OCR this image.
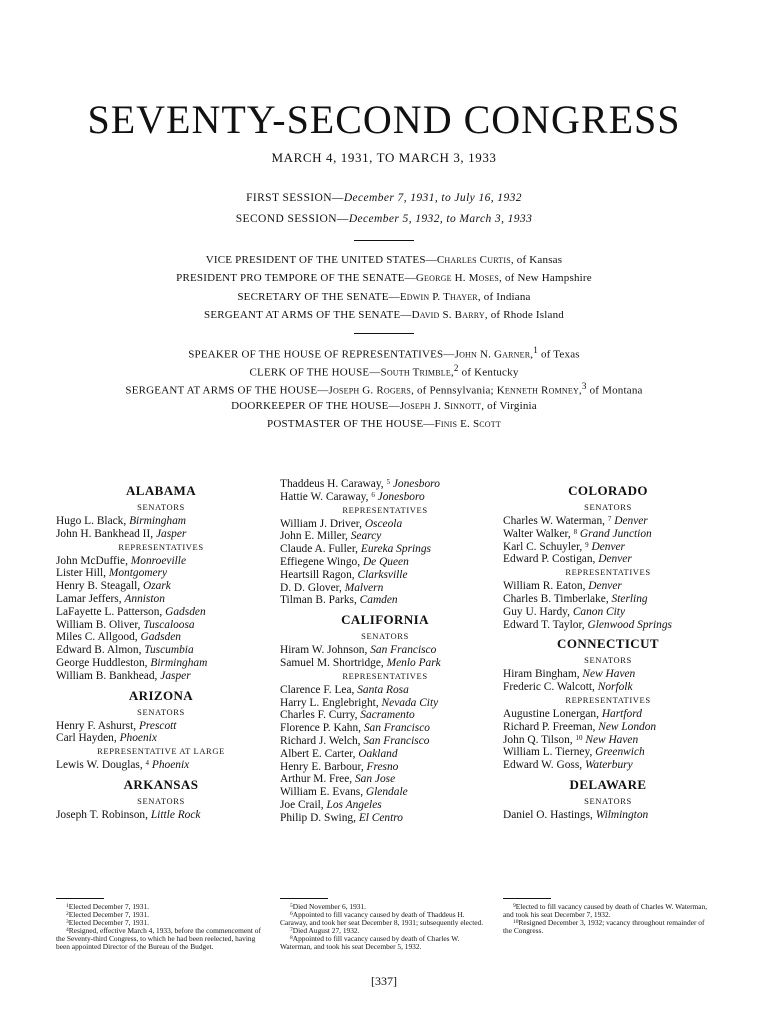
SEVENTY-SECOND CONGRESS
MARCH 4, 1931, TO MARCH 3, 1933
FIRST SESSION—December 7, 1931, to July 16, 1932
SECOND SESSION—December 5, 1932, to March 3, 1933
VICE PRESIDENT OF THE UNITED STATES—Charles Curtis, of Kansas
PRESIDENT PRO TEMPORE OF THE SENATE—George H. Moses, of New Hampshire
SECRETARY OF THE SENATE—Edwin P. Thayer, of Indiana
SERGEANT AT ARMS OF THE SENATE—David S. Barry, of Rhode Island
SPEAKER OF THE HOUSE OF REPRESENTATIVES—John N. Garner,$^1$ of Texas
CLERK OF THE HOUSE—South Trimble,$^2$ of Kentucky
SERGEANT AT ARMS OF THE HOUSE—Joseph G. Rogers, of Pennsylvania; Kenneth Romney,$^3$ of Montana
DOORKEEPER OF THE HOUSE—Joseph J. Sinnott, of Virginia
POSTMASTER OF THE HOUSE—Finis E. Scott
ALABAMA
SENATORS
Hugo L. Black, Birmingham
John H. Bankhead II, Jasper
REPRESENTATIVES
John McDuffie, Monroeville
Lister Hill, Montgomery
Henry B. Steagall, Ozark
Lamar Jeffers, Anniston
LaFayette L. Patterson, Gadsden
William B. Oliver, Tuscaloosa
Miles C. Allgood, Gadsden
Edward B. Almon, Tuscumbia
George Huddleston, Birmingham
William B. Bankhead, Jasper
ARIZONA
SENATORS
Henry F. Ashurst, Prescott
Carl Hayden, Phoenix
REPRESENTATIVE AT LARGE
Lewis W. Douglas, $^4$ Phoenix
ARKANSAS
SENATORS
Joseph T. Robinson, Little Rock
Thaddeus H. Caraway, $^5$ Jonesboro
Hattie W. Caraway, $^6$ Jonesboro
REPRESENTATIVES
William J. Driver, Osceola
John E. Miller, Searcy
Claude A. Fuller, Eureka Springs
Effiegene Wingo, De Queen
Heartsill Ragon, Clarksville
D. D. Glover, Malvern
Tilman B. Parks, Camden
CALIFORNIA
SENATORS
Hiram W. Johnson, San Francisco
Samuel M. Shortridge, Menlo Park
REPRESENTATIVES
Clarence F. Lea, Santa Rosa
Harry L. Englebright, Nevada City
Charles F. Curry, Sacramento
Florence P. Kahn, San Francisco
Richard J. Welch, San Francisco
Albert E. Carter, Oakland
Henry E. Barbour, Fresno
Arthur M. Free, San Jose
William E. Evans, Glendale
Joe Crail, Los Angeles
Philip D. Swing, El Centro
COLORADO
SENATORS
Charles W. Waterman, $^7$ Denver
Walter Walker, $^8$ Grand Junction
Karl C. Schuyler, $^9$ Denver
Edward P. Costigan, Denver
REPRESENTATIVES
William R. Eaton, Denver
Charles B. Timberlake, Sterling
Guy U. Hardy, Canon City
Edward T. Taylor, Glenwood Springs
CONNECTICUT
SENATORS
Hiram Bingham, New Haven
Frederic C. Walcott, Norfolk
REPRESENTATIVES
Augustine Lonergan, Hartford
Richard P. Freeman, New London
John Q. Tilson, $^{10}$ New Haven
William L. Tierney, Greenwich
Edward W. Goss, Waterbury
DELAWARE
SENATORS
Daniel O. Hastings, Wilmington
$^1$Elected December 7, 1931.
$^2$Elected December 7, 1931.
$^3$Elected December 7, 1931.
$^4$Resigned, effective March 4, 1933, before the commencement of the Seventy-third Congress, to which he had been reelected, having been appointed Director of the Bureau of the Budget.
$^5$Died November 6, 1931.
$^6$Appointed to fill vacancy caused by death of Thaddeus H. Caraway, and took her seat December 8, 1931; subsequently elected.
$^7$Died August 27, 1932.
$^8$Appointed to fill vacancy caused by death of Charles W. Waterman, and took his seat December 5, 1932.
$^9$Elected to fill vacancy caused by death of Charles W. Waterman, and took his seat December 7, 1932.
$^{10}$Resigned December 3, 1932; vacancy throughout remainder of the Congress.
[337]
